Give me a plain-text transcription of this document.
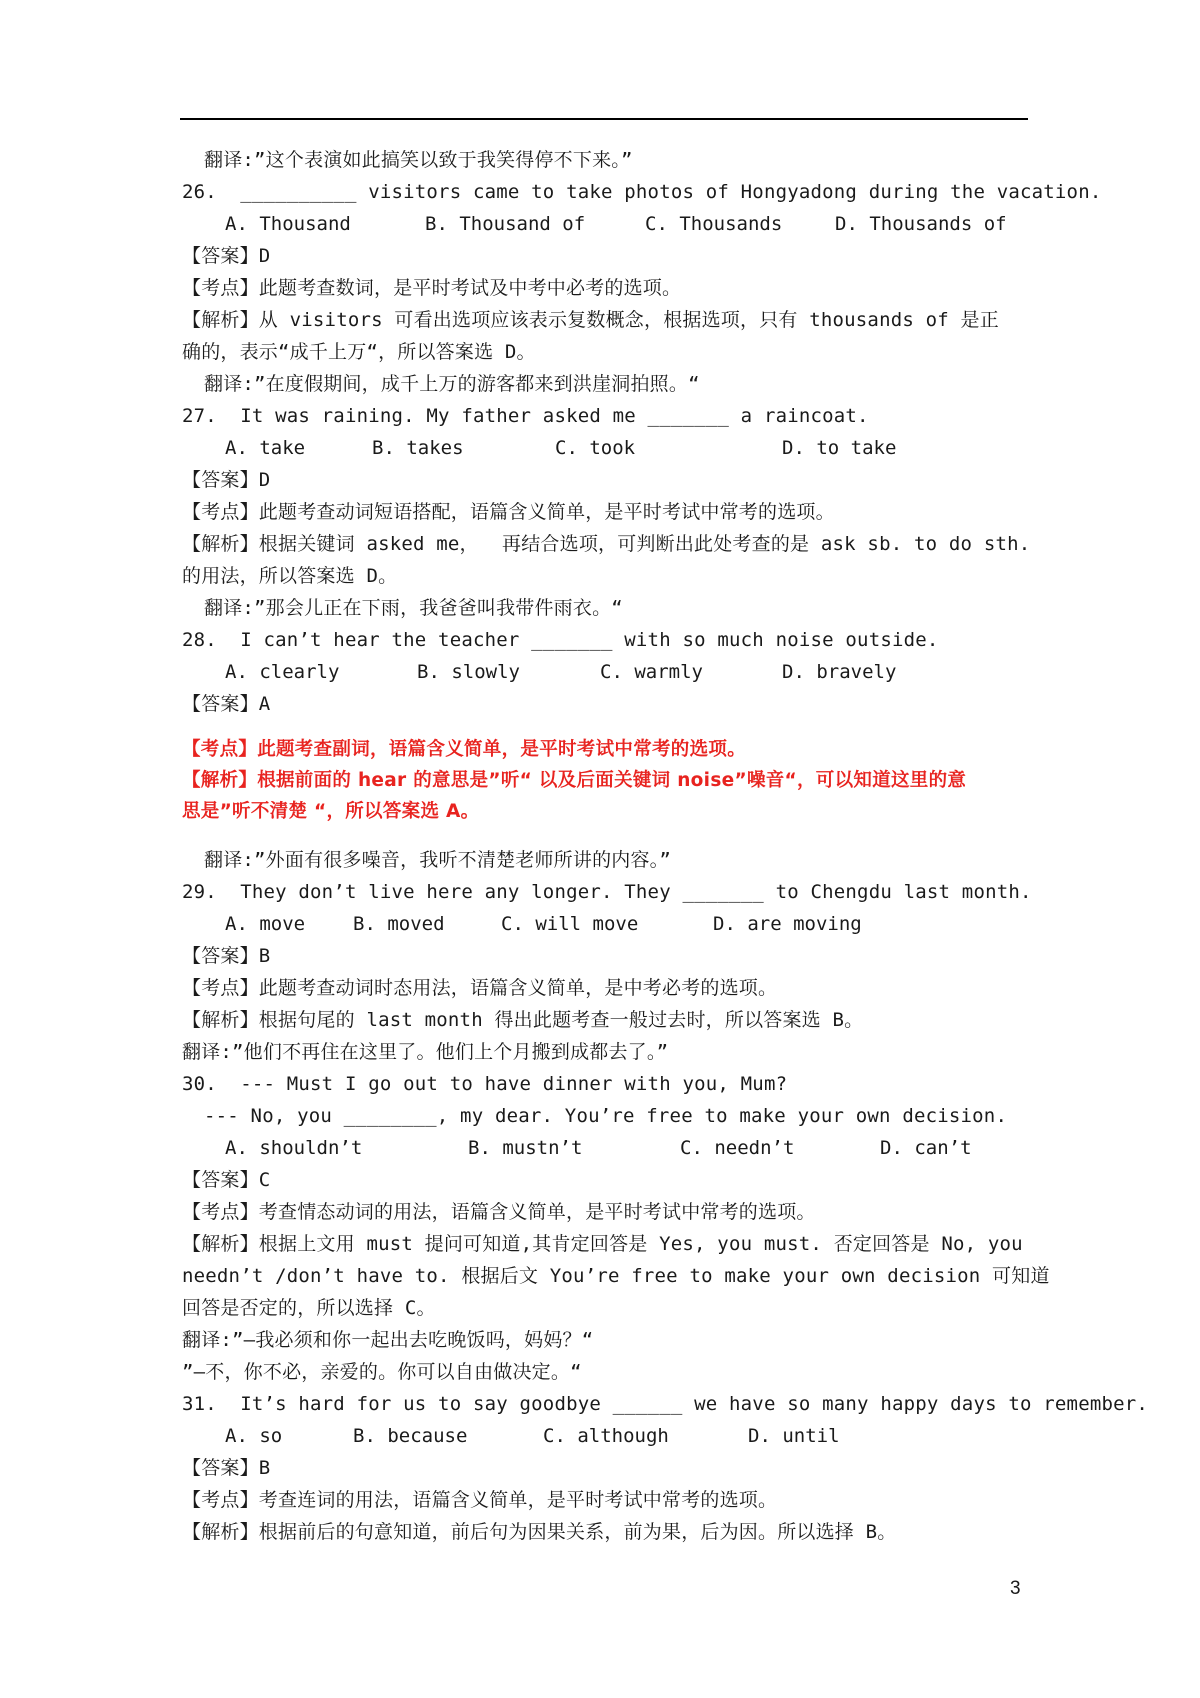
翻译:”这个表演如此搞笑以致于我笑得停不下来。”
26.  __________ visitors came to take photos of Hongyadong during the vacation.
A. Thousand	B. Thousand of	C. Thousands	D. Thousands of
【答案】D
【考点】此题考查数词，是平时考试及中考中必考的选项。
【解析】从 visitors 可看出选项应该表示复数概念，根据选项，只有 thousands of 是正
确的，表示“成千上万“，所以答案选 D。
翻译:”在度假期间，成千上万的游客都来到洪崖洞拍照。“
27.  It was raining. My father asked me _______ a raincoat.
A. take	B. takes	C. took	D. to take
【答案】D
【考点】此题考查动词短语搭配，语篇含义简单，是平时考试中常考的选项。
【解析】根据关键词 asked me，  再结合选项，可判断出此处考查的是 ask sb. to do sth.
的用法，所以答案选 D。
翻译:”那会儿正在下雨，我爸爸叫我带件雨衣。“
28.  I can’t hear the teacher _______ with so much noise outside.
A. clearly	B. slowly	C. warmly	D. bravely
【答案】A
【考点】此题考查副词，语篇含义简单，是平时考试中常考的选项。
【解析】根据前面的 hear 的意思是”听“ 以及后面关键词 noise”噪音“，可以知道这里的意
思是”听不清楚 “，所以答案选 A。
翻译:”外面有很多噪音，我听不清楚老师所讲的内容。”
29.  They don’t live here any longer. They _______ to Chengdu last month.
A. move	B. moved	C. will move	D. are moving
【答案】B
【考点】此题考查动词时态用法，语篇含义简单，是中考必考的选项。
【解析】根据句尾的 last month 得出此题考查一般过去时，所以答案选 B。
翻译:”他们不再住在这里了。他们上个月搬到成都去了。”
30.  --- Must I go out to have dinner with you, Mum?
--- No, you ________, my dear. You’re free to make your own decision.
A. shouldn’t	B. mustn’t	C. needn’t	D. can’t
【答案】C
【考点】考查情态动词的用法，语篇含义简单，是平时考试中常考的选项。
【解析】根据上文用 must 提问可知道,其肯定回答是 Yes, you must. 否定回答是 No, you
needn’t /don’t have to. 根据后文 You’re free to make your own decision 可知道
回答是否定的，所以选择 C。
翻译:”—我必须和你一起出去吃晚饭吗，妈妈？“
”—不，你不必，亲爱的。你可以自由做决定。“
31.  It’s hard for us to say goodbye ______ we have so many happy days to remember.
A. so	B. because	C. although	D. until
【答案】B
【考点】考查连词的用法，语篇含义简单，是平时考试中常考的选项。
【解析】根据前后的句意知道，前后句为因果关系，前为果，后为因。所以选择 B。
3
